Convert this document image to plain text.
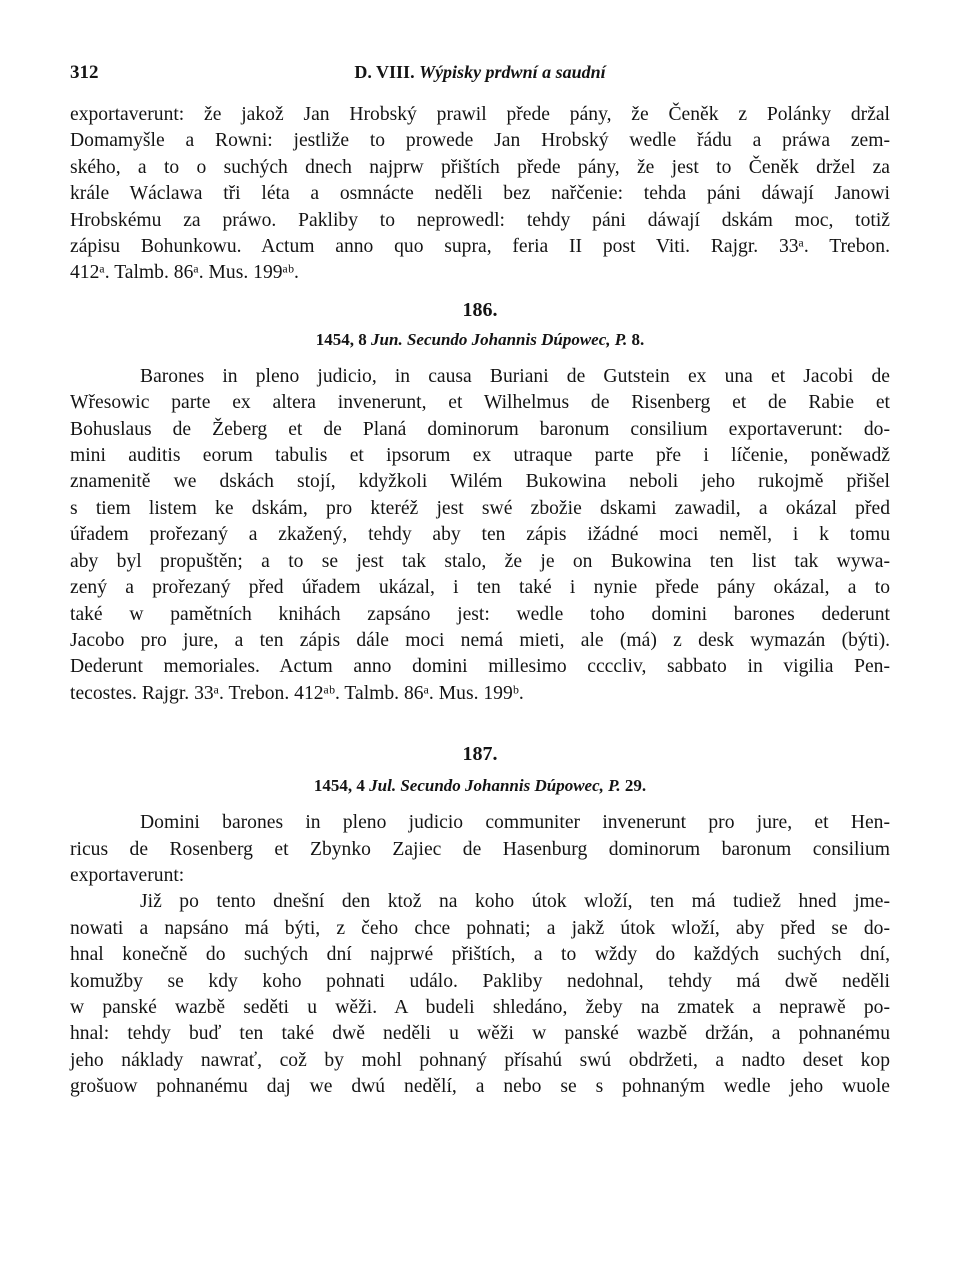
312	D. VIII. Wýpisky prdwní a saudní

exportaverunt: že jakož Jan Hrobský prawil přede pány, že Čeněk z Polánky držal
Domamyšle a Rowni: jestliže to prowede Jan Hrobský wedle řádu a práwa zem-
ského, a to o suchých dnech najprw přištích přede pány, že jest to Čeněk držel za
krále Wáclawa tři léta a osmnácte neděli bez nařčenie: tehda páni dáwají Janowi
Hrobskému za práwo. Pakliby to neprowedl: tehdy páni dáwají dskám moc, totiž
zápisu Bohunkowu. Actum anno quo supra, feria II post Viti. Rajgr. 33ᵃ. Trebon.
412ᵃ. Talmb. 86ᵃ. Mus. 199ᵃᵇ.

186.

1454, 8 Jun. Secundo Johannis Dúpowec, P. 8.

Barones in pleno judicio, in causa Buriani de Gutstein ex una et Jacobi de
Wřesowic parte ex altera invenerunt, et Wilhelmus de Risenberg et de Rabie et
Bohuslaus de Žeberg et de Planá dominorum baronum consilium exportaverunt: do-
mini auditis eorum tabulis et ipsorum ex utraque parte pře i líčenie, poněwadž
znamenitě we dskách stojí, kdyžkoli Wilém Bukowina neboli jeho rukojmě přišel
s tiem listem ke dskám, pro kteréž jest swé zbožie dskami zawadil, a okázal před
úřadem prořezaný a zkažený, tehdy aby ten zápis ižádné moci neměl, i k tomu
aby byl propuštěn; a to se jest tak stalo, že je on Bukowina ten list tak wywa-
zený a prořezaný před úřadem ukázal, i ten také i nynie přede pány okázal, a to
také w pamětních knihách zapsáno jest: wedle toho domini barones dederunt
Jacobo pro jure, a ten zápis dále moci nemá mieti, ale (má) z desk wymazán (býti).
Dederunt memoriales. Actum anno domini millesimo ccccliv, sabbato in vigilia Pen-
tecostes. Rajgr. 33ᵃ. Trebon. 412ᵃᵇ. Talmb. 86ᵃ. Mus. 199ᵇ.

187.

1454, 4 Jul. Secundo Johannis Dúpowec, P. 29.

Domini barones in pleno judicio communiter invenerunt pro jure, et Hen-
ricus de Rosenberg et Zbynko Zajiec de Hasenburg dominorum baronum consilium
exportaverunt:

Již po tento dnešní den ktož na koho útok wloží, ten má tudiež hned jme-
nowati a napsáno má býti, z čeho chce pohnati; a jakž útok wloží, aby před se do-
hnal konečně do suchých dní najprwé přištích, a to wždy do každých suchých dní,
komužby se kdy koho pohnati událo. Pakliby nedohnal, tehdy má dwě neděli
w panské wazbě seděti u wěži. A budeli shledáno, žeby na zmatek a neprawě po-
hnal: tehdy buď ten také dwě neděli u wěži w panské wazbě držán, a pohnanému
jeho náklady nawrať, což by mohl pohnaný přísahú swú obdržeti, a nadto deset kop
grošuow pohnanému daj we dwú nedělí, a nebo se s pohnaným wedle jeho wuole
